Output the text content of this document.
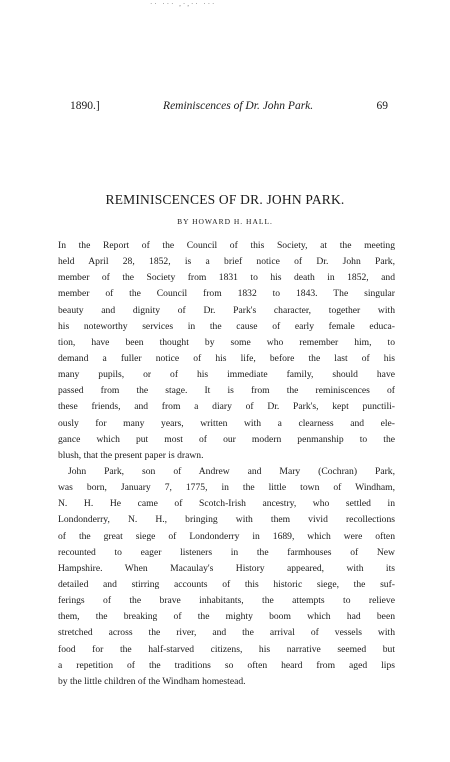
·· ··· ,·,·· ···
1890.]	Reminiscences of Dr. John Park.	69
REMINISCENCES OF DR. JOHN PARK.
BY HOWARD H. HALL.
In the Report of the Council of this Society, at the meeting
held April 28, 1852, is a brief notice of Dr. John Park,
member of the Society from 1831 to his death in 1852, and
member of the Council from 1832 to 1843. The singular
beauty and dignity of Dr. Park's character, together with
his noteworthy services in the cause of early female educa-
tion, have been thought by some who remember him, to
demand a fuller notice of his life, before the last of his
many pupils, or of his immediate family, should have
passed from the stage. It is from the reminiscences of
these friends, and from a diary of Dr. Park's, kept punctili-
ously for many years, written with a clearness and ele-
gance which put most of our modern penmanship to the
blush, that the present paper is drawn.
John Park, son of Andrew and Mary (Cochran) Park,
was born, January 7, 1775, in the little town of Windham,
N. H. He came of Scotch-Irish ancestry, who settled in
Londonderry, N. H., bringing with them vivid recollections
of the great siege of Londonderry in 1689, which were often
recounted to eager listeners in the farmhouses of New
Hampshire. When Macaulay's History appeared, with its
detailed and stirring accounts of this historic siege, the suf-
ferings of the brave inhabitants, the attempts to relieve
them, the breaking of the mighty boom which had been
stretched across the river, and the arrival of vessels with
food for the half-starved citizens, his narrative seemed but
a repetition of the traditions so often heard from aged lips
by the little children of the Windham homestead.
